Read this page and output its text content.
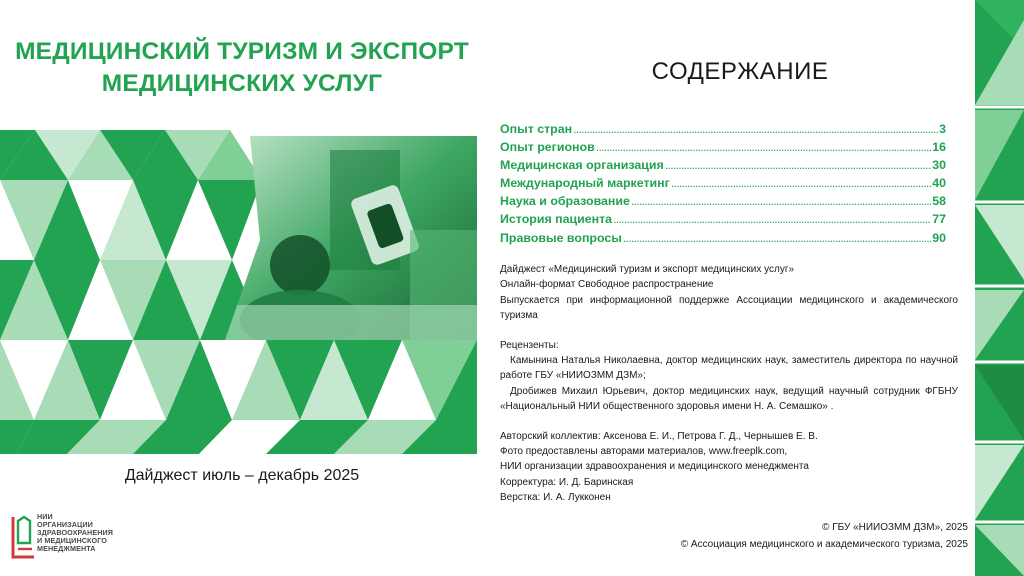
МЕДИЦИНСКИЙ ТУРИЗМ И ЭКСПОРТ
МЕДИЦИНСКИХ УСЛУГ
Дайджест июль – декабрь 2025
НИИ
ОРГАНИЗАЦИИ
ЗДРАВООХРАНЕНИЯ
И МЕДИЦИНСКОГО
МЕНЕДЖМЕНТА
СОДЕРЖАНИЕ
Опыт стран . . .	3
Опыт регионов . . .	16
Медицинская организация . . .	30
Международный маркетинг . . .	40
Наука и образование . . .	58
История пациента . . .	77
Правовые вопросы . . .	90

Дайджест «Медицинский туризм и экспорт медицинских услуг»

Онлайн-формат Свободное распространение

Выпускается при информационной поддержке Ассоциации медицинского и академического туризма

Рецензенты:

Камынина Наталья Николаевна, доктор медицинских наук, заместитель директора по научной работе ГБУ «НИИОЗММ ДЗМ»;

Дробижев Михаил Юрьевич, доктор медицинских наук, ведущий научный сотрудник ФГБНУ «Национальный НИИ общественного здоровья имени Н. А. Семашко» .

Авторский коллектив: Аксенова Е. И., Петрова Г. Д., Чернышев Е. В.

Фото предоставлены авторами материалов, www.freeplk.com,

НИИ организации здравоохранения и медицинского менеджмента

Корректура: И. Д. Баринская

Верстка: И. А. Лукконен

© ГБУ «НИИОЗММ ДЗМ», 2025
© Ассоциация медицинского и академического туризма, 2025
